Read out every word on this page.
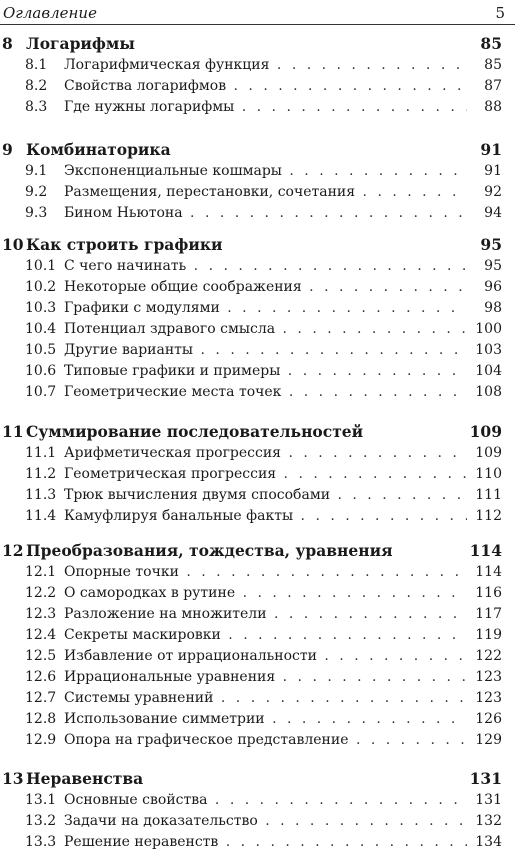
Оглавление	5
8 Логарифмы	85
8.1 Логарифмическая функция . . .	85
8.2 Свойства логарифмов . . .	87
8.3 Где нужны логарифмы . . .	88
9 Комбинаторика	91
9.1 Экспоненциальные кошмары . . .	91
9.2 Размещения, перестановки, сочетания . . .	92
9.3 Бином Ньютона . . .	94
10 Как строить графики	95
10.1 С чего начинать . . .	95
10.2 Некоторые общие соображения . . .	96
10.3 Графики с модулями . . .	98
10.4 Потенциал здравого смысла . . .	100
10.5 Другие варианты . . .	103
10.6 Типовые графики и примеры . . .	104
10.7 Геометрические места точек . . .	108
11 Суммирование последовательностей	109
11.1 Арифметическая прогрессия . . .	109
11.2 Геометрическая прогрессия . . .	110
11.3 Трюк вычисления двумя способами . . .	111
11.4 Камуфлируя банальные факты . . .	112
12 Преобразования, тождества, уравнения	114
12.1 Опорные точки . . .	114
12.2 О самородках в рутине . . .	116
12.3 Разложение на множители . . .	117
12.4 Секреты маскировки . . .	119
12.5 Избавление от иррациональности . . .	122
12.6 Иррациональные уравнения . . .	123
12.7 Системы уравнений . . .	123
12.8 Использование симметрии . . .	126
12.9 Опора на графическое представление . . .	129
13 Неравенства	131
13.1 Основные свойства . . .	131
13.2 Задачи на доказательство . . .	132
13.3 Решение неравенств . . .	134
